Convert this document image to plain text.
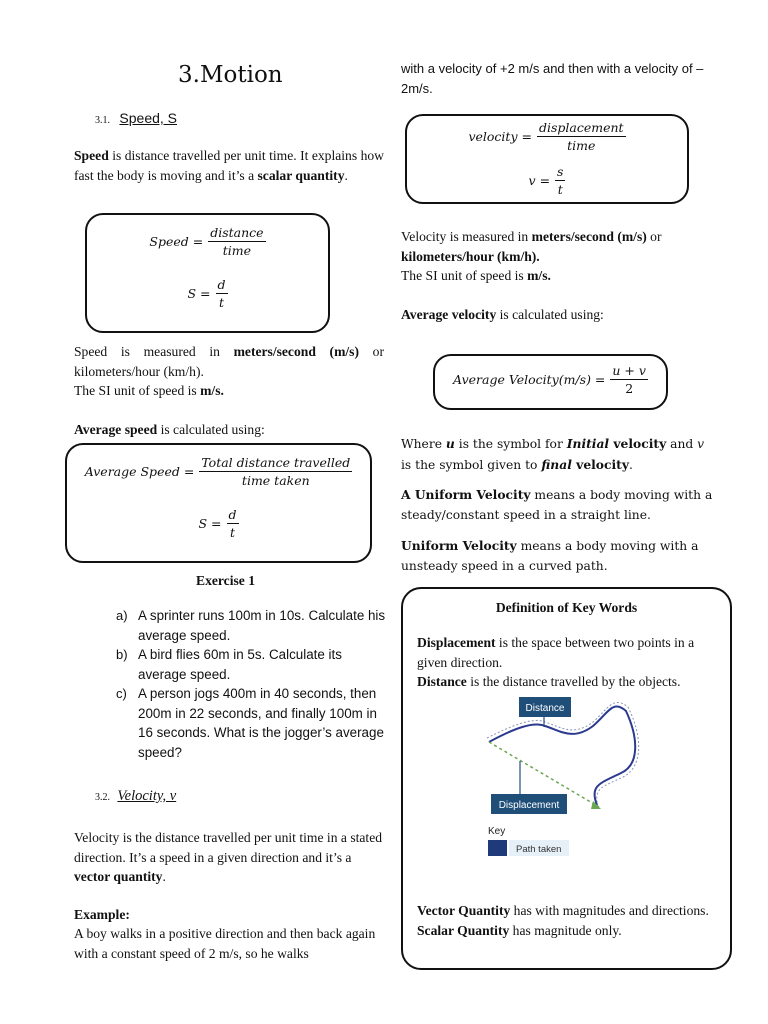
3.Motion
3.1. Speed, S
Speed is distance travelled per unit time. It explains how fast the body is moving and it’s a scalar quantity.
Speed = $\frac{\text{distance}}{\text{time}}$
$S = \frac{d}{t}$
Speed is measured in meters/second (m/s) or kilometers/hour (km/h).
The SI unit of speed is m/s.
Average speed is calculated using:
Average Speed = $\frac{\text{Total distance travelled}}{\text{time taken}}$
$S = \frac{d}{t}$
Exercise 1
a) A sprinter runs 100m in 10s. Calculate his average speed.
b) A bird flies 60m in 5s. Calculate its average speed.
c) A person jogs 400m in 40 seconds, then 200m in 22 seconds, and finally 100m in 16 seconds. What is the jogger’s average speed?
3.2. Velocity, v
Velocity is the distance travelled per unit time in a stated direction. It’s a speed in a given direction and it’s a vector quantity.
Example:
A boy walks in a positive direction and then back again with a constant speed of 2 m/s, so he walks
velocity = $\frac{\text{displacement}}{\text{time}}$
$v = \frac{s}{t}$
Velocity is measured in meters/second (m/s) or kilometers/hour (km/h).
The SI unit of speed is m/s.
Average velocity is calculated using:
Average Velocity(m/s) = $\frac{u + v}{2}$
Where u is the symbol for Initial velocity and v is the symbol given to final velocity.
A Uniform Velocity means a body moving with a steady/constant speed in a straight line.
Uniform Velocity means a body moving with a unsteady speed in a curved path.
Definition of Key Words
Displacement is the space between two points in a given direction.
Distance is the distance travelled by the objects.
Distance
Displacement
Key
Path taken
Vector Quantity has with magnitudes and directions.
Scalar Quantity has magnitude only.
with a velocity of +2 m/s and then with a velocity of –2m/s.
